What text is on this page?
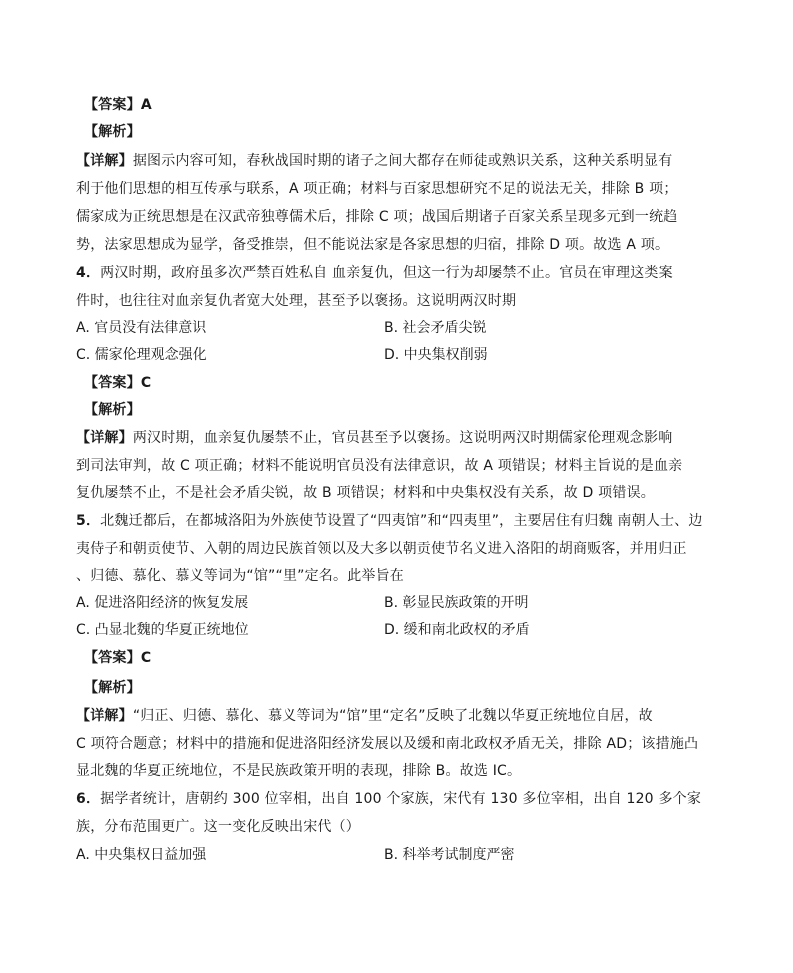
【答案】A
【解析】
【详解】据图示内容可知，春秋战国时期的诸子之间大都存在师徒或熟识关系，这种关系明显有
利于他们思想的相互传承与联系，A 项正确；材料与百家思想研究不足的说法无关，排除 B 项；
儒家成为正统思想是在汉武帝独尊儒术后，排除 C 项；战国后期诸子百家关系呈现多元到一统趋
势，法家思想成为显学，备受推崇，但不能说法家是各家思想的归宿，排除 D 项。故选 A 项。
4．两汉时期，政府虽多次严禁百姓私自 血亲复仇，但这一行为却屡禁不止。官员在审理这类案
件时，也往往对血亲复仇者宽大处理，甚至予以褒扬。这说明两汉时期
A. 官员没有法律意识	B. 社会矛盾尖锐
C. 儒家伦理观念强化	D. 中央集权削弱
【答案】C
【解析】
【详解】两汉时期，血亲复仇屡禁不止，官员甚至予以褒扬。这说明两汉时期儒家伦理观念影响
到司法审判，故 C 项正确；材料不能说明官员没有法律意识，故 A 项错误；材料主旨说的是血亲
复仇屡禁不止，不是社会矛盾尖锐，故 B 项错误；材料和中央集权没有关系，故 D 项错误。
5．北魏迁都后，在都城洛阳为外族使节设置了“四夷馆”和“四夷里”，主要居住有归魏 南朝人士、边
夷侍子和朝贡使节、入朝的周边民族首领以及大多以朝贡使节名义进入洛阳的胡商贩客，并用归正
、归德、慕化、慕义等词为“馆”“里”定名。此举旨在
A. 促进洛阳经济的恢复发展	B. 彰显民族政策的开明
C. 凸显北魏的华夏正统地位	D. 缓和南北政权的矛盾
【答案】C
【解析】
【详解】“归正、归德、慕化、慕义等词为“馆”里“定名”反映了北魏以华夏正统地位自居，故
C 项符合题意；材料中的措施和促进洛阳经济发展以及缓和南北政权矛盾无关，排除 AD；该措施凸
显北魏的华夏正统地位，不是民族政策开明的表现，排除 B。故选 IC。
6．据学者统计，唐朝约 300 位宰相，出自 100 个家族，宋代有 130 多位宰相，出自 120 多个家
族，分布范围更广。这一变化反映出宋代（）
A. 中央集权日益加强	B. 科举考试制度严密
